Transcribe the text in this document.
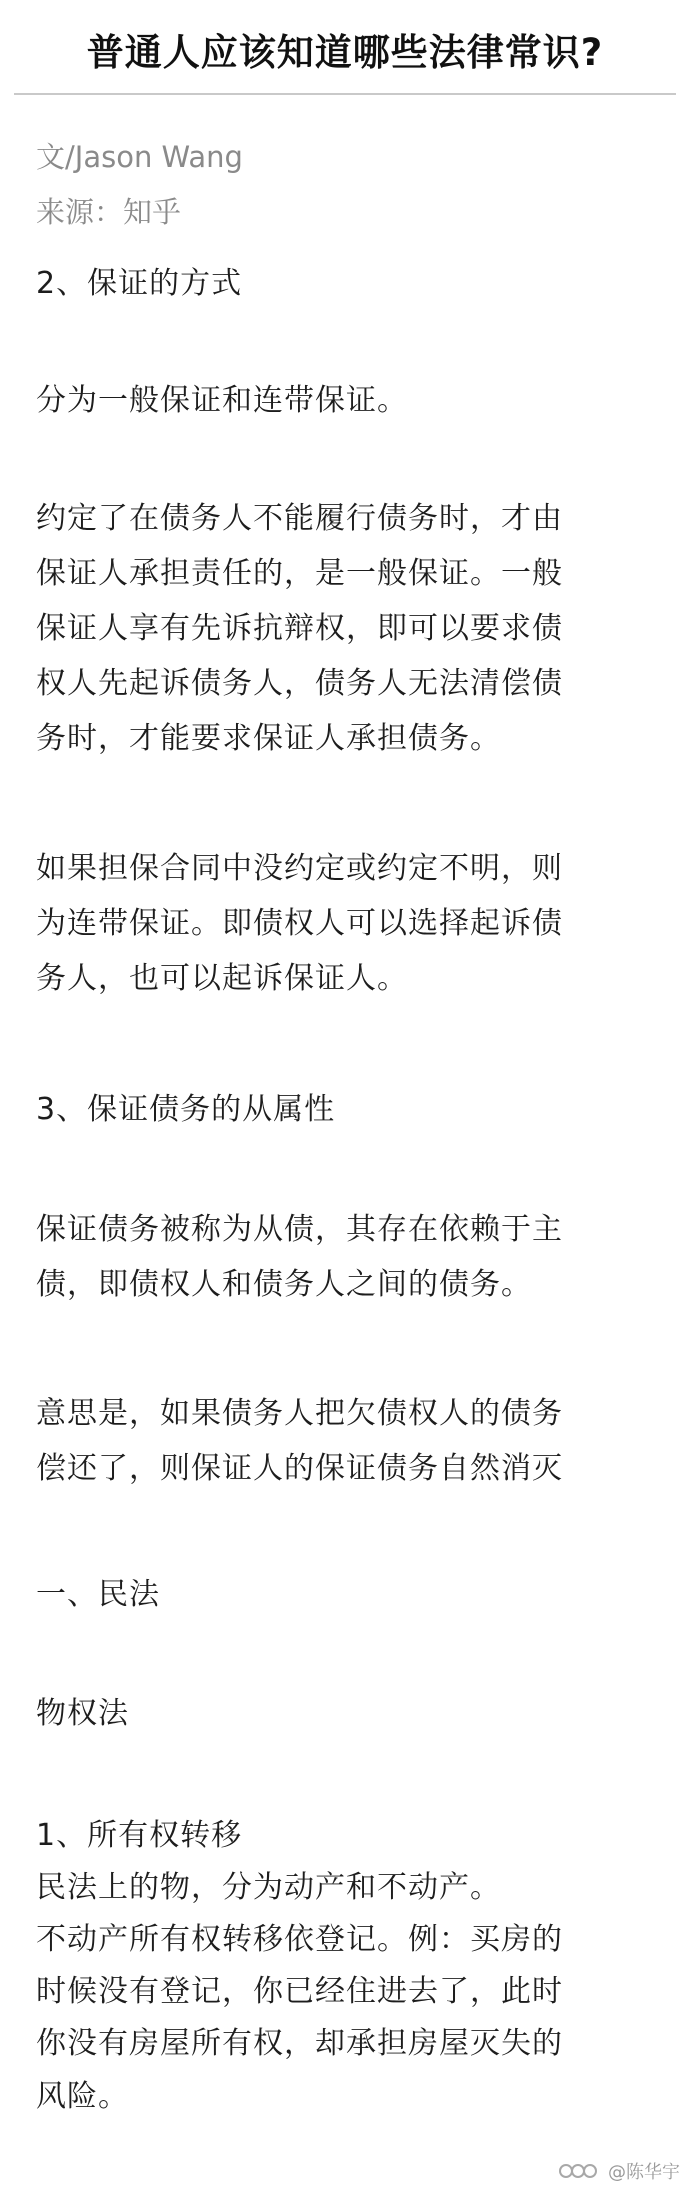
普通人应该知道哪些法律常识?
文/Jason Wang
来源：知乎
2、保证的方式
分为一般保证和连带保证。
约定了在债务人不能履行债务时，才由
保证人承担责任的，是一般保证。一般
保证人享有先诉抗辩权，即可以要求债
权人先起诉债务人，债务人无法清偿债
务时，才能要求保证人承担债务。
如果担保合同中没约定或约定不明，则
为连带保证。即债权人可以选择起诉债
务人，也可以起诉保证人。
3、保证债务的从属性
保证债务被称为从债，其存在依赖于主
债，即债权人和债务人之间的债务。
意思是，如果债务人把欠债权人的债务
偿还了，则保证人的保证债务自然消灭
一、民法
物权法
1、所有权转移
民法上的物，分为动产和不动产。
不动产所有权转移依登记。例：买房的
时候没有登记，你已经住进去了，此时
你没有房屋所有权，却承担房屋灭失的
风险。
@陈华宇
